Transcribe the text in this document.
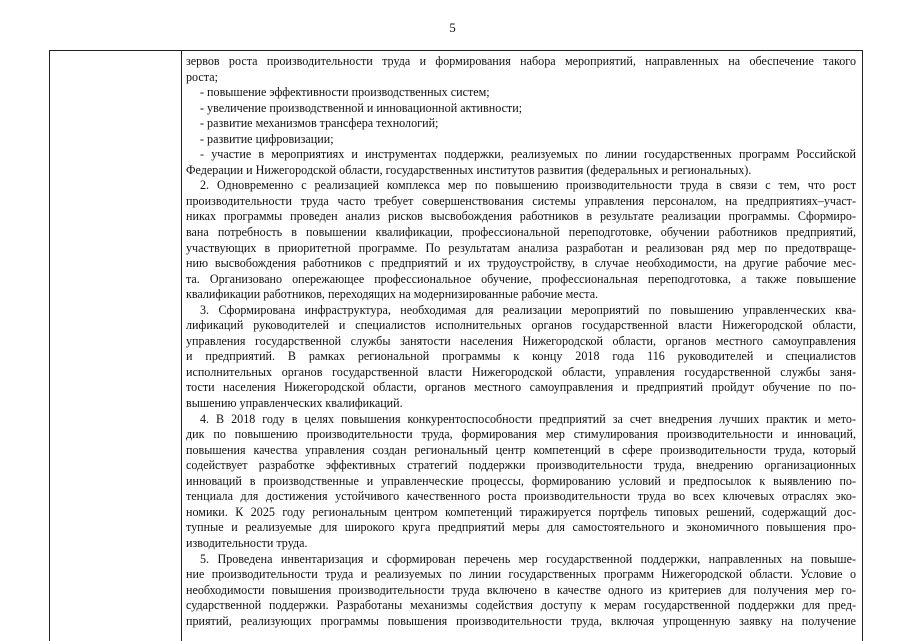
5
зервов роста производительности труда и формирования набора мероприятий, направленных на обеспечение такого
роста;
- повышение эффективности производственных систем;
- увеличение производственной и инновационной активности;
- развитие механизмов трансфера технологий;
- развитие цифровизации;
- участие в мероприятиях и инструментах поддержки, реализуемых по линии государственных программ Российской
Федерации и Нижегородской области, государственных институтов развития (федеральных и региональных).
2. Одновременно с реализацией комплекса мер по повышению производительности труда в связи с тем, что рост
производительности труда часто требует совершенствования системы управления персоналом, на предприятиях–участ-
никах программы проведен анализ рисков высвобождения работников в результате реализации программы. Сформиро-
вана потребность в повышении квалификации, профессиональной переподготовке, обучении работников предприятий,
участвующих в приоритетной программе. По результатам анализа разработан и реализован ряд мер по предотвраще-
нию высвобождения работников с предприятий и их трудоустройству, в случае необходимости, на другие рабочие мес-
та. Организовано опережающее профессиональное обучение, профессиональная переподготовка, а также повышение
квалификации работников, переходящих на модернизированные рабочие места.
3. Сформирована инфраструктура, необходимая для реализации мероприятий по повышению управленческих ква-
лификаций руководителей и специалистов исполнительных органов государственной власти Нижегородской области,
управления государственной службы занятости населения Нижегородской области, органов местного самоуправления
и предприятий. В рамках региональной программы к концу 2018 года 116 руководителей и специалистов
исполнительных органов государственной власти Нижегородской области, управления государственной службы заня-
тости населения Нижегородской области, органов местного самоуправления и предприятий пройдут обучение по по-
вышению управленческих квалификаций.
4. В 2018 году в целях повышения конкурентоспособности предприятий за счет внедрения лучших практик и мето-
дик по повышению производительности труда, формирования мер стимулирования производительности и инноваций,
повышения качества управления создан региональный центр компетенций в сфере производительности труда, который
содействует разработке эффективных стратегий поддержки производительности труда, внедрению организационных
инноваций в производственные и управленческие процессы, формированию условий и предпосылок к выявлению по-
тенциала для достижения устойчивого качественного роста производительности труда во всех ключевых отраслях эко-
номики. К 2025 году региональным центром компетенций тиражируется портфель типовых решений, содержащий дос-
тупные и реализуемые для широкого круга предприятий меры для самостоятельного и экономичного повышения про-
изводительности труда.
5. Проведена инвентаризация и сформирован перечень мер государственной поддержки, направленных на повыше-
ние производительности труда и реализуемых по линии государственных программ Нижегородской области. Условие о
необходимости повышения производительности труда включено в качестве одного из критериев для получения мер го-
сударственной поддержки. Разработаны механизмы содействия доступу к мерам государственной поддержки для пред-
приятий, реализующих программы повышения производительности труда, включая упрощенную заявку на получение
